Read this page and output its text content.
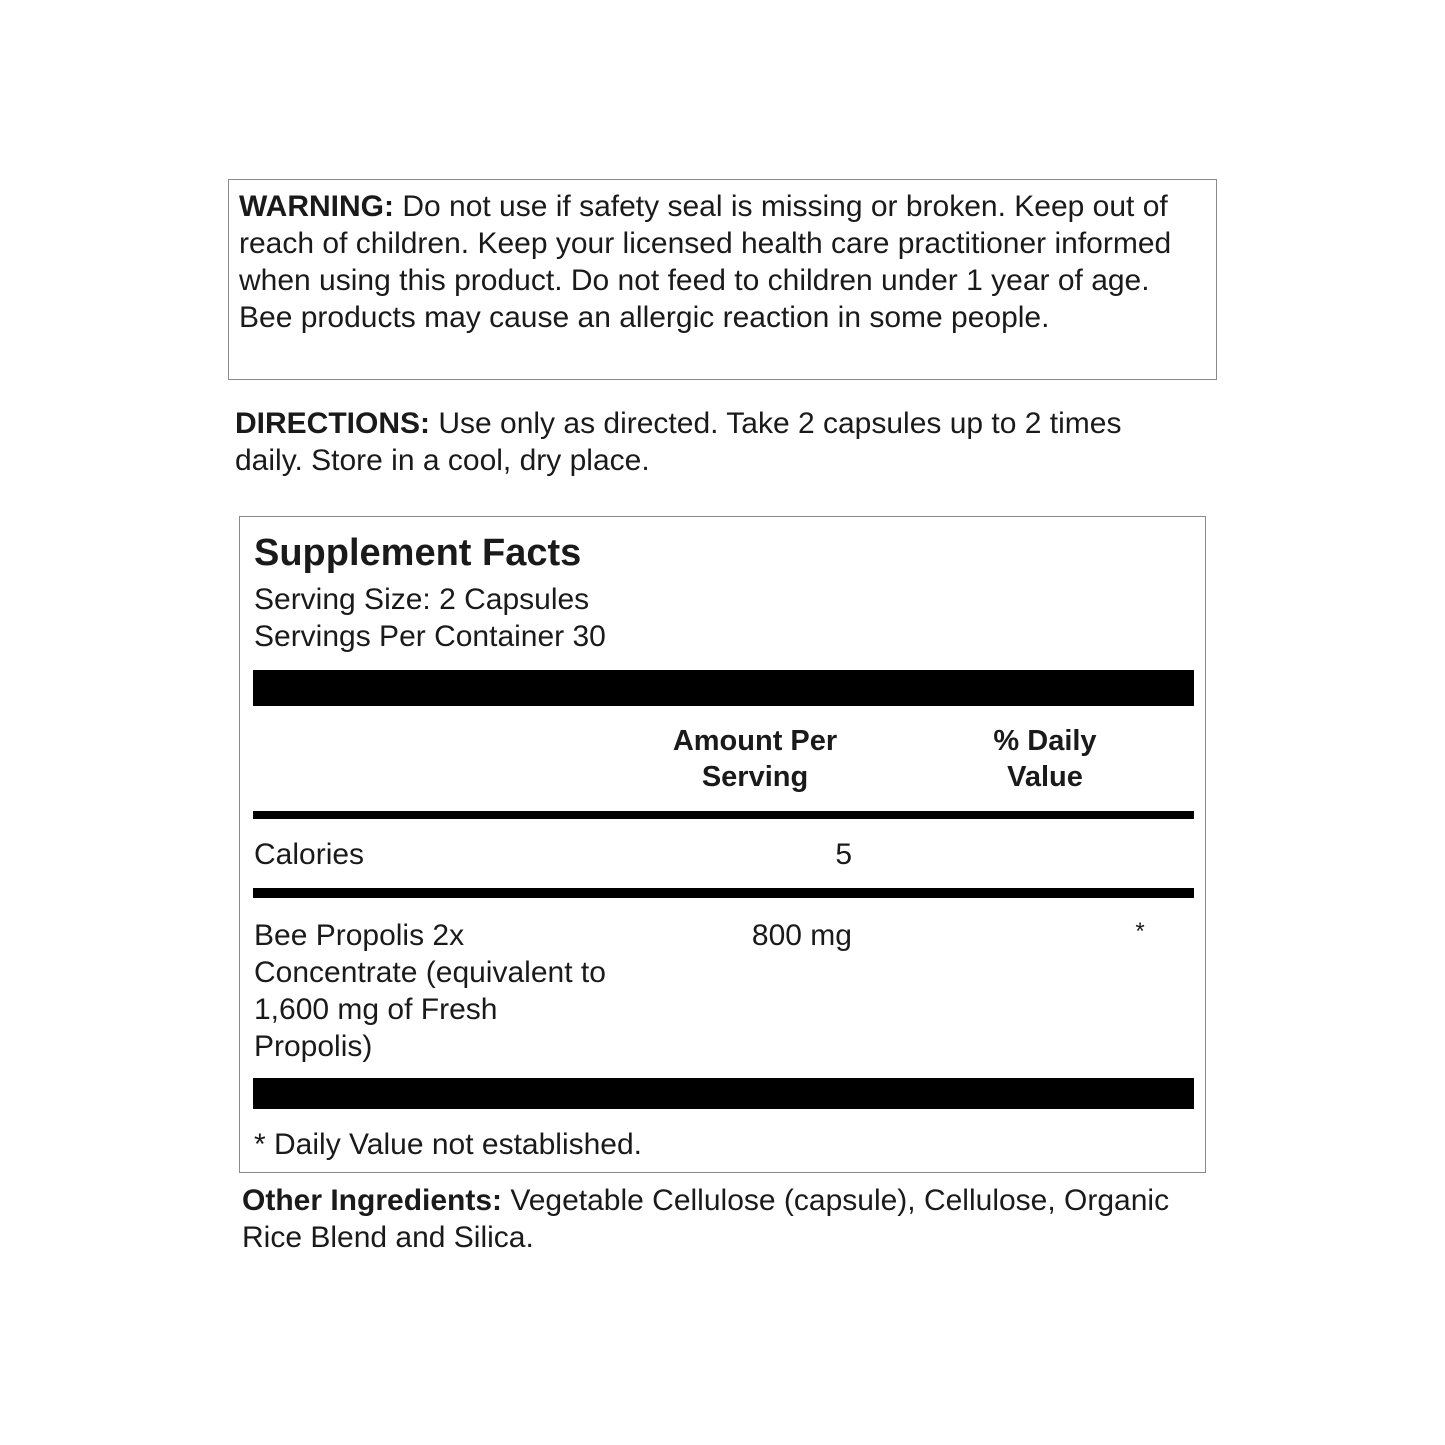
WARNING: Do not use if safety seal is missing or broken. Keep out of reach of children. Keep your licensed health care practitioner informed when using this product. Do not feed to children under 1 year of age. Bee products may cause an allergic reaction in some people.
DIRECTIONS: Use only as directed. Take 2 capsules up to 2 times daily. Store in a cool, dry place.
Supplement Facts
Serving Size: 2 Capsules
Servings Per Container 30
Amount Per
Serving
% Daily
Value
Calories	5
Bee Propolis 2x Concentrate (equivalent to 1,600 mg of Fresh Propolis)
800 mg	*
* Daily Value not established.
Other Ingredients: Vegetable Cellulose (capsule), Cellulose, Organic Rice Blend and Silica.
